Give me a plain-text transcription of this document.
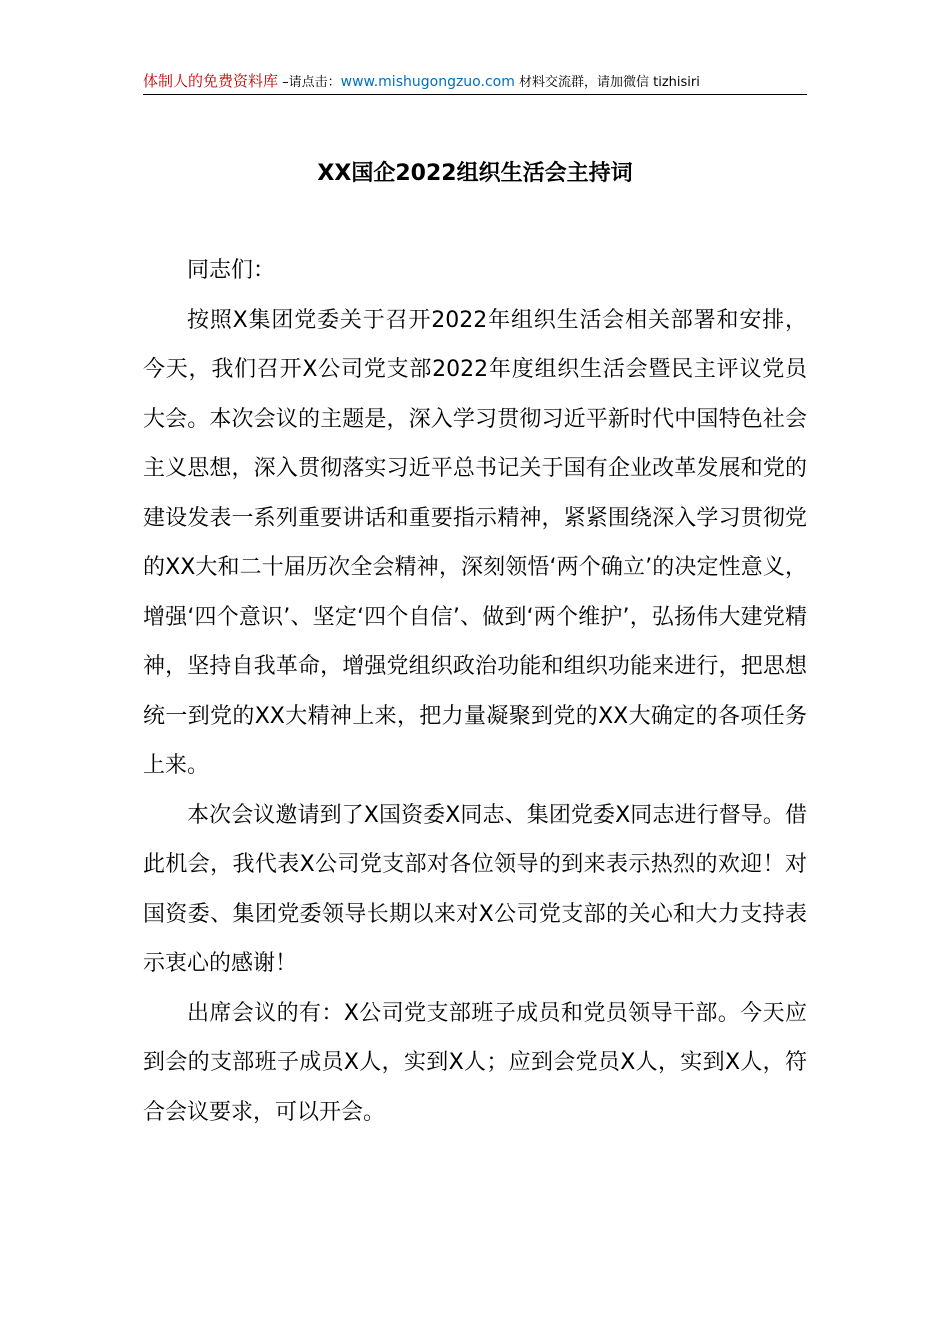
体制人的免费资料库 –请点击：www.mishugongzuo.com 材料交流群，请加微信 tizhisiri
XX国企2022组织生活会主持词

同志们：

按照X集团党委关于召开2022年组织生活会相关部署和安排，今天，我们召开X公司党支部2022年度组织生活会暨民主评议党员大会。本次会议的主题是，深入学习贯彻习近平新时代中国特色社会主义思想，深入贯彻落实习近平总书记关于国有企业改革发展和党的建设发表一系列重要讲话和重要指示精神，紧紧围绕深入学习贯彻党的XX大和二十届历次全会精神，深刻领悟‘两个确立’的决定性意义，增强‘四个意识’、坚定‘四个自信’、做到‘两个维护’，弘扬伟大建党精神，坚持自我革命，增强党组织政治功能和组织功能来进行，把思想统一到党的XX大精神上来，把力量凝聚到党的XX大确定的各项任务上来。

本次会议邀请到了X国资委X同志、集团党委X同志进行督导。借此机会，我代表X公司党支部对各位领导的到来表示热烈的欢迎！对国资委、集团党委领导长期以来对X公司党支部的关心和大力支持表示衷心的感谢！

出席会议的有：X公司党支部班子成员和党员领导干部。今天应到会的支部班子成员X人，实到X人；应到会党员X人，实到X人，符合会议要求，可以开会。
